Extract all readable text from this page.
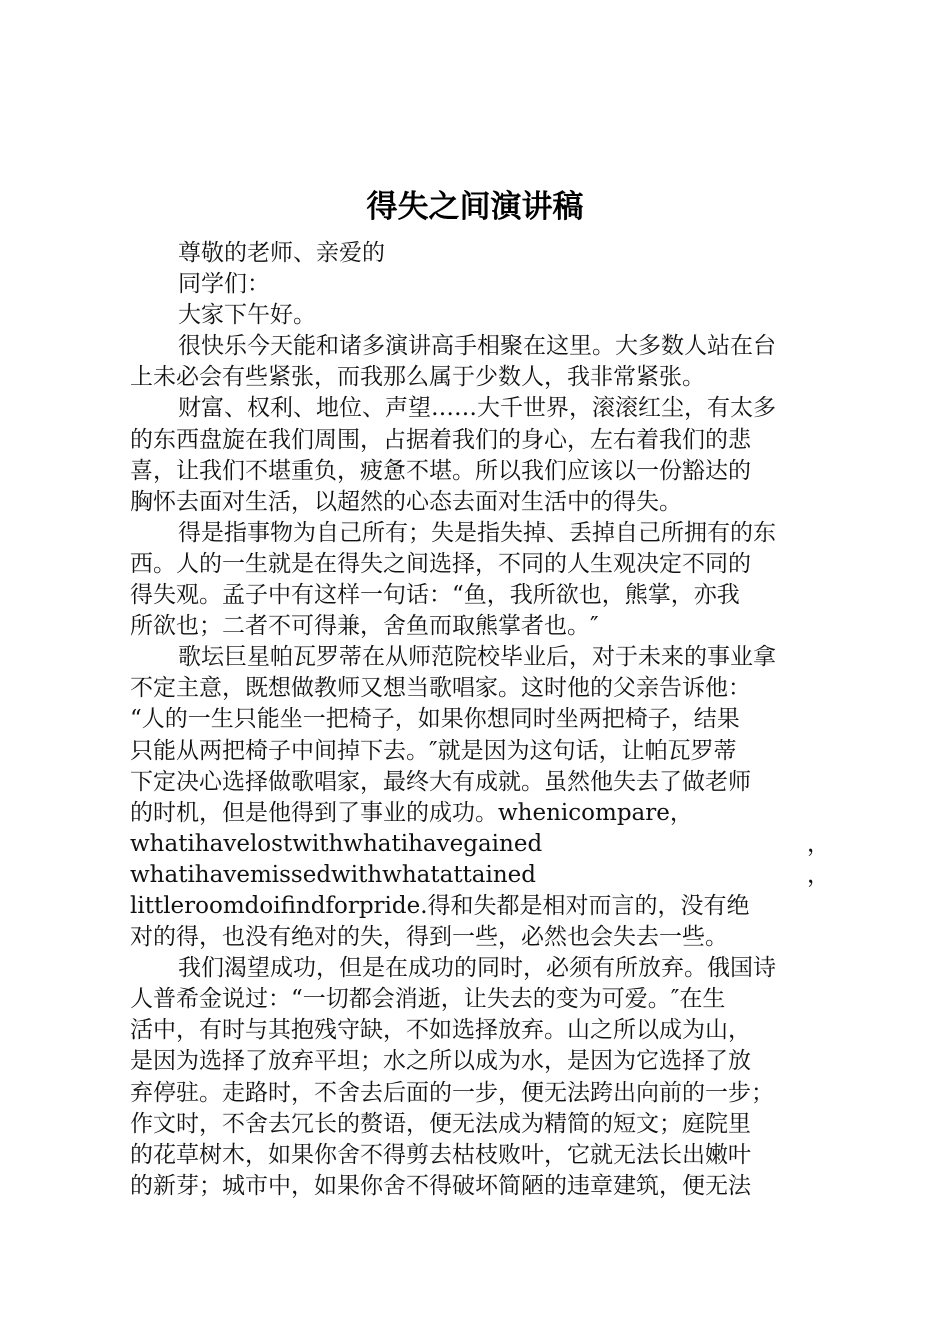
得失之间演讲稿
尊敬的老师、亲爱的
同学们：
大家下午好。
很快乐今天能和诸多演讲高手相聚在这里。大多数人站在台
上未必会有些紧张，而我那么属于少数人，我非常紧张。
财富、权利、地位、声望……大千世界，滚滚红尘，有太多
的东西盘旋在我们周围，占据着我们的身心，左右着我们的悲
喜，让我们不堪重负，疲惫不堪。所以我们应该以一份豁达的
胸怀去面对生活，以超然的心态去面对生活中的得失。
得是指事物为自己所有；失是指失掉、丢掉自己所拥有的东
西。人的一生就是在得失之间选择，不同的人生观决定不同的
得失观。孟子中有这样一句话：“鱼，我所欲也，熊掌，亦我
所欲也；二者不可得兼，舍鱼而取熊掌者也。″
歌坛巨星帕瓦罗蒂在从师范院校毕业后，对于未来的事业拿
不定主意，既想做教师又想当歌唱家。这时他的父亲告诉他：
“人的一生只能坐一把椅子，如果你想同时坐两把椅子，结果
只能从两把椅子中间掉下去。″就是因为这句话，让帕瓦罗蒂
下定决心选择做歌唱家，最终大有成就。虽然他失去了做老师
的时机，但是他得到了事业的成功。whenicompare，
whatihavelostwithwhatihavegained	，
whatihavemissedwithwhatattained	，
littleroomdoifindforpride.得和失都是相对而言的，没有绝
对的得，也没有绝对的失，得到一些，必然也会失去一些。
我们渴望成功，但是在成功的同时，必须有所放弃。俄国诗
人普希金说过：“一切都会消逝，让失去的变为可爱。″在生
活中，有时与其抱残守缺，不如选择放弃。山之所以成为山，
是因为选择了放弃平坦；水之所以成为水，是因为它选择了放
弃停驻。走路时，不舍去后面的一步，便无法跨出向前的一步；
作文时，不舍去冗长的赘语，便无法成为精简的短文；庭院里
的花草树木，如果你舍不得剪去枯枝败叶，它就无法长出嫩叶
的新芽；城市中，如果你舍不得破坏简陋的违章建筑，便无法
